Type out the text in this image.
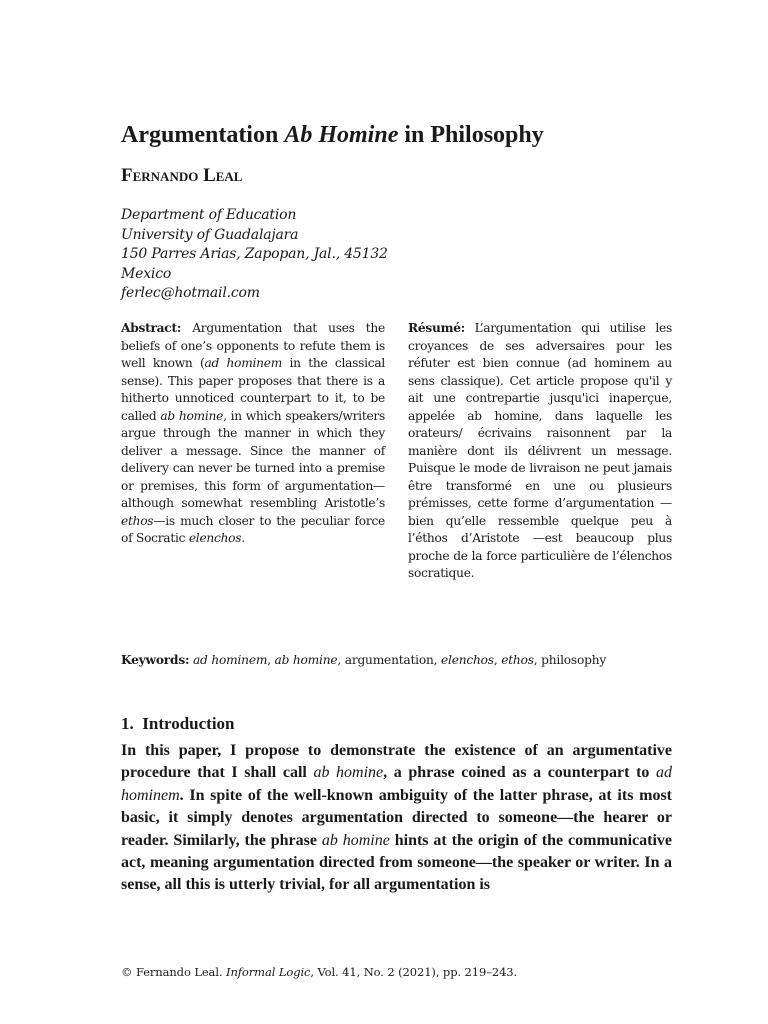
Argumentation Ab Homine in Philosophy
Fernando Leal
Department of Education
University of Guadalajara
150 Parres Arias, Zapopan, Jal., 45132
Mexico
ferlec@hotmail.com
Abstract: Argumentation that uses the beliefs of one’s opponents to refute them is well known (ad hominem in the classical sense). This paper proposes that there is a hitherto unnoticed counterpart to it, to be called ab homine, in which speakers/writers argue through the manner in which they deliver a message. Since the manner of delivery can never be turned into a premise or premises, this form of argumentation—although somewhat resembling Aristotle’s ethos—is much closer to the peculiar force of Socratic elenchos.
Résumé: L’argumentation qui utilise les croyances de ses adversaires pour les réfuter est bien connue (ad hominem au sens classique). Cet article propose qu'il y ait une contrepartie jusqu'ici inaperçue, appelée ab homine, dans laquelle les orateurs/ écrivains raisonnent par la manière dont ils délivrent un message. Puisque le mode de livraison ne peut jamais être transformé en une ou plusieurs prémisses, cette forme d’argumentation —bien qu’elle ressemble quelque peu à l’éthos d’Aristote —est beaucoup plus proche de la force particulière de l’élenchos socratique.
Keywords: ad hominem, ab homine, argumentation, elenchos, ethos, philosophy
1. Introduction

In this paper, I propose to demonstrate the existence of an argumentative procedure that I shall call ab homine, a phrase coined as a counterpart to ad hominem. In spite of the well-known ambiguity of the latter phrase, at its most basic, it simply denotes argumentation directed to someone—the hearer or reader. Similarly, the phrase ab homine hints at the origin of the communicative act, meaning argumentation directed from someone—the speaker or writer. In a sense, all this is utterly trivial, for all argumentation is

© Fernando Leal. Informal Logic, Vol. 41, No. 2 (2021), pp. 219–243.
